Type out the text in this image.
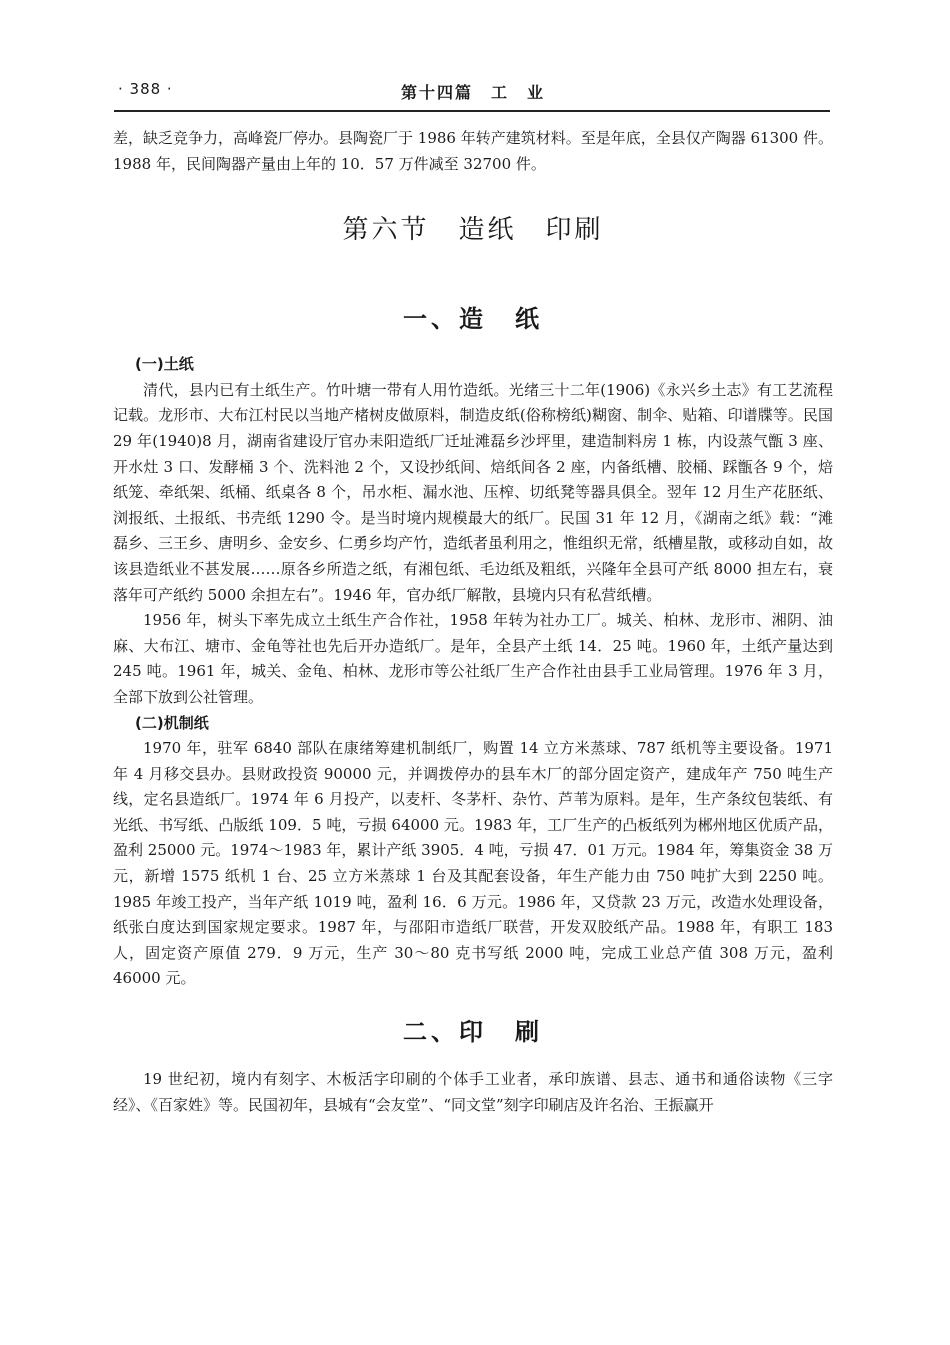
· 388 ·	第十四篇　工　业

差，缺乏竞争力，高峰瓷厂停办。县陶瓷厂于 1986 年转产建筑材料。至是年底，全县仅产陶器 61300 件。1988 年，民间陶器产量由上年的 10．57 万件减至 32700 件。

第六节　造纸　印刷
一、造　纸
(一)土纸

清代，县内已有土纸生产。竹叶塘一带有人用竹造纸。光绪三十二年(1906)《永兴乡土志》有工艺流程记载。龙形市、大布江村民以当地产楮树皮做原料，制造皮纸(俗称榜纸)糊窗、制伞、贴箱、印谱牒等。民国 29 年(1940)8 月，湖南省建设厅官办耒阳造纸厂迁址滩磊乡沙坪里，建造制料房 1 栋，内设蒸气甑 3 座、开水灶 3 口、发酵桶 3 个、洗料池 2 个，又设抄纸间、焙纸间各 2 座，内备纸槽、胶桶、踩甑各 9 个，焙纸笼、牵纸架、纸桶、纸桌各 8 个，吊水柜、漏水池、压榨、切纸凳等器具俱全。翌年 12 月生产花胚纸、浏报纸、土报纸、书壳纸 1290 令。是当时境内规模最大的纸厂。民国 31 年 12 月，《湖南之纸》载：“滩磊乡、三王乡、唐明乡、金安乡、仁勇乡均产竹，造纸者虽利用之，惟组织无常，纸槽星散，或移动自如，故该县造纸业不甚发展……原各乡所造之纸，有湘包纸、毛边纸及粗纸，兴隆年全县可产纸 8000 担左右，衰落年可产纸约 5000 余担左右”。1946 年，官办纸厂解散，县境内只有私营纸槽。

1956 年，树头下率先成立土纸生产合作社，1958 年转为社办工厂。城关、柏林、龙形市、湘阴、油麻、大布江、塘市、金龟等社也先后开办造纸厂。是年，全县产土纸 14．25 吨。1960 年，土纸产量达到 245 吨。1961 年，城关、金龟、柏林、龙形市等公社纸厂生产合作社由县手工业局管理。1976 年 3 月，全部下放到公社管理。

(二)机制纸

1970 年，驻军 6840 部队在康绪筹建机制纸厂，购置 14 立方米蒸球、787 纸机等主要设备。1971 年 4 月移交县办。县财政投资 90000 元，并调拨停办的县车木厂的部分固定资产，建成年产 750 吨生产线，定名县造纸厂。1974 年 6 月投产，以麦杆、冬茅杆、杂竹、芦苇为原料。是年，生产条纹包装纸、有光纸、书写纸、凸版纸 109．5 吨，亏损 64000 元。1983 年，工厂生产的凸板纸列为郴州地区优质产品，盈利 25000 元。1974～1983 年，累计产纸 3905．4 吨，亏损 47．01 万元。1984 年，筹集资金 38 万元，新增 1575 纸机 1 台、25 立方米蒸球 1 台及其配套设备，年生产能力由 750 吨扩大到 2250 吨。1985 年竣工投产，当年产纸 1019 吨，盈利 16．6 万元。1986 年，又贷款 23 万元，改造水处理设备，纸张白度达到国家规定要求。1987 年，与邵阳市造纸厂联营，开发双胶纸产品。1988 年，有职工 183 人，固定资产原值 279．9 万元，生产 30～80 克书写纸 2000 吨，完成工业总产值 308 万元，盈利 46000 元。

二、印　刷

19 世纪初，境内有刻字、木板活字印刷的个体手工业者，承印族谱、县志、通书和通俗读物《三字经》、《百家姓》等。民国初年，县城有“会友堂”、“同文堂”刻字印刷店及许名治、王振赢开
